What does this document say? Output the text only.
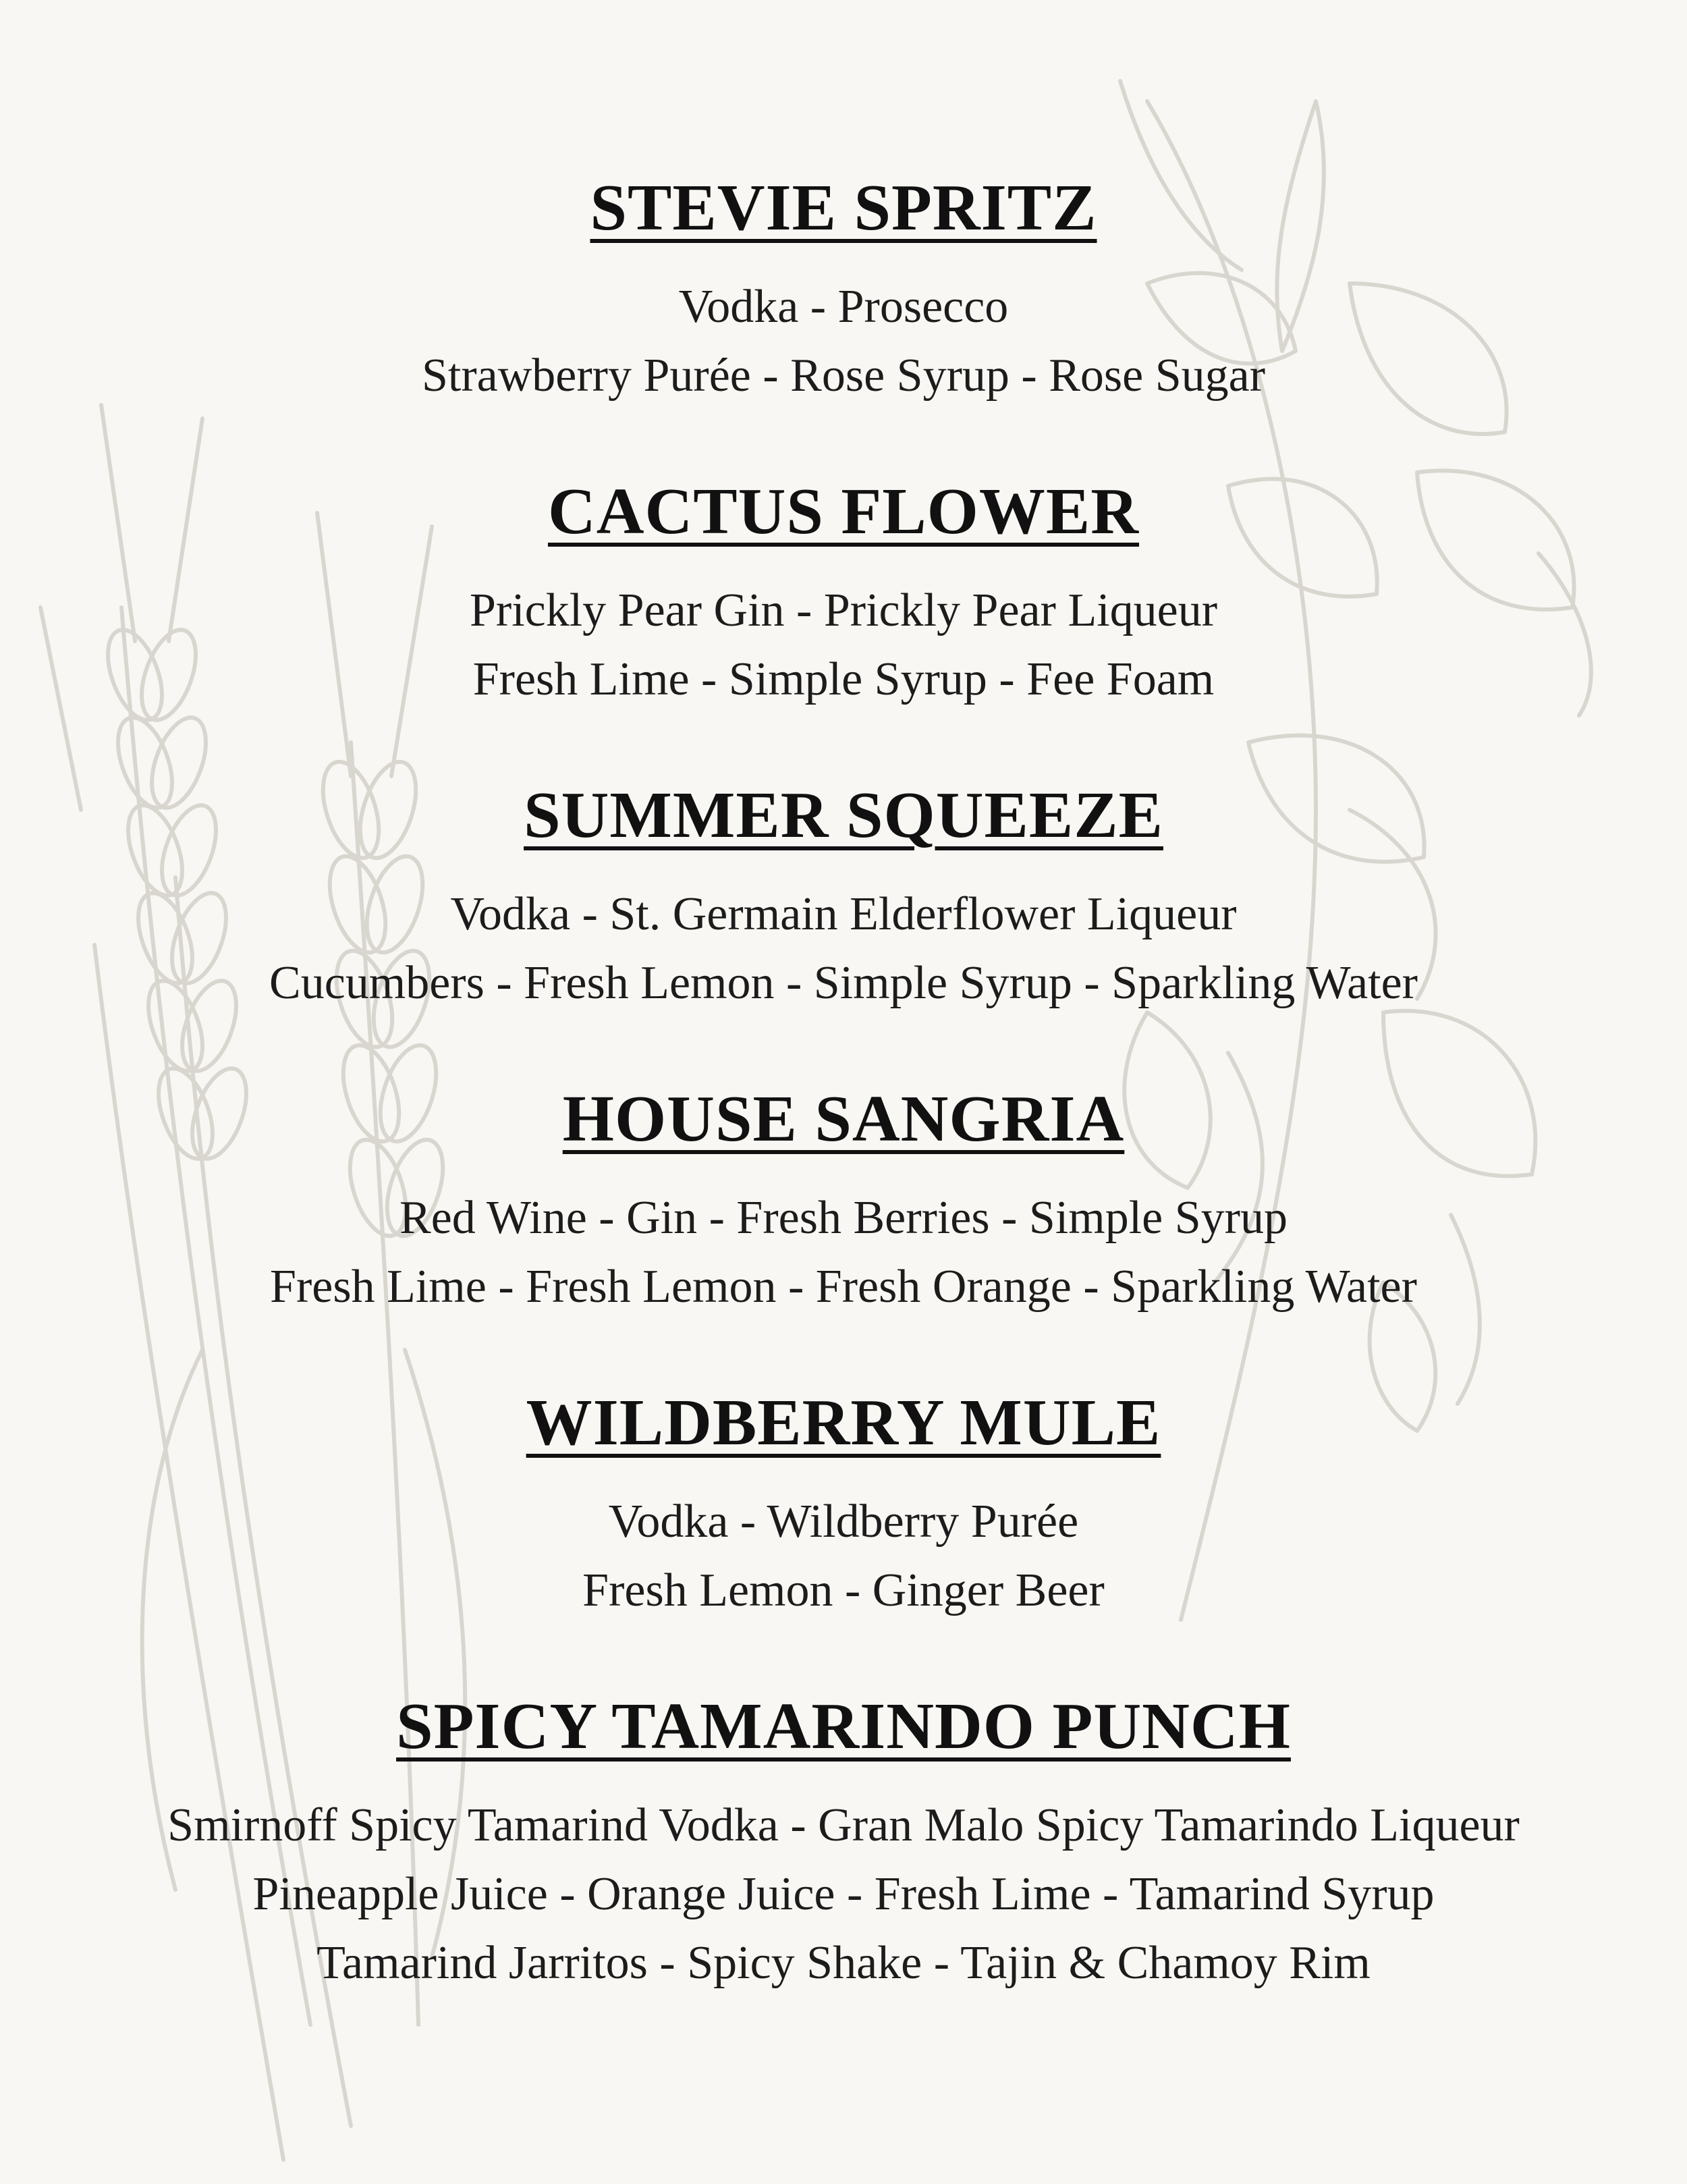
STEVIE SPRITZ
Vodka - Prosecco
Strawberry Purée - Rose Syrup - Rose Sugar
CACTUS FLOWER
Prickly Pear Gin - Prickly Pear Liqueur
Fresh Lime - Simple Syrup - Fee Foam
SUMMER SQUEEZE
Vodka - St. Germain Elderflower Liqueur
Cucumbers - Fresh Lemon - Simple Syrup - Sparkling Water
HOUSE SANGRIA
Red Wine - Gin - Fresh Berries - Simple Syrup
Fresh Lime - Fresh Lemon - Fresh Orange - Sparkling Water
WILDBERRY MULE
Vodka - Wildberry Purée
Fresh Lemon - Ginger Beer
SPICY TAMARINDO PUNCH
Smirnoff Spicy Tamarind Vodka - Gran Malo Spicy Tamarindo Liqueur
Pineapple Juice - Orange Juice - Fresh Lime - Tamarind Syrup
Tamarind Jarritos - Spicy Shake - Tajin & Chamoy Rim
